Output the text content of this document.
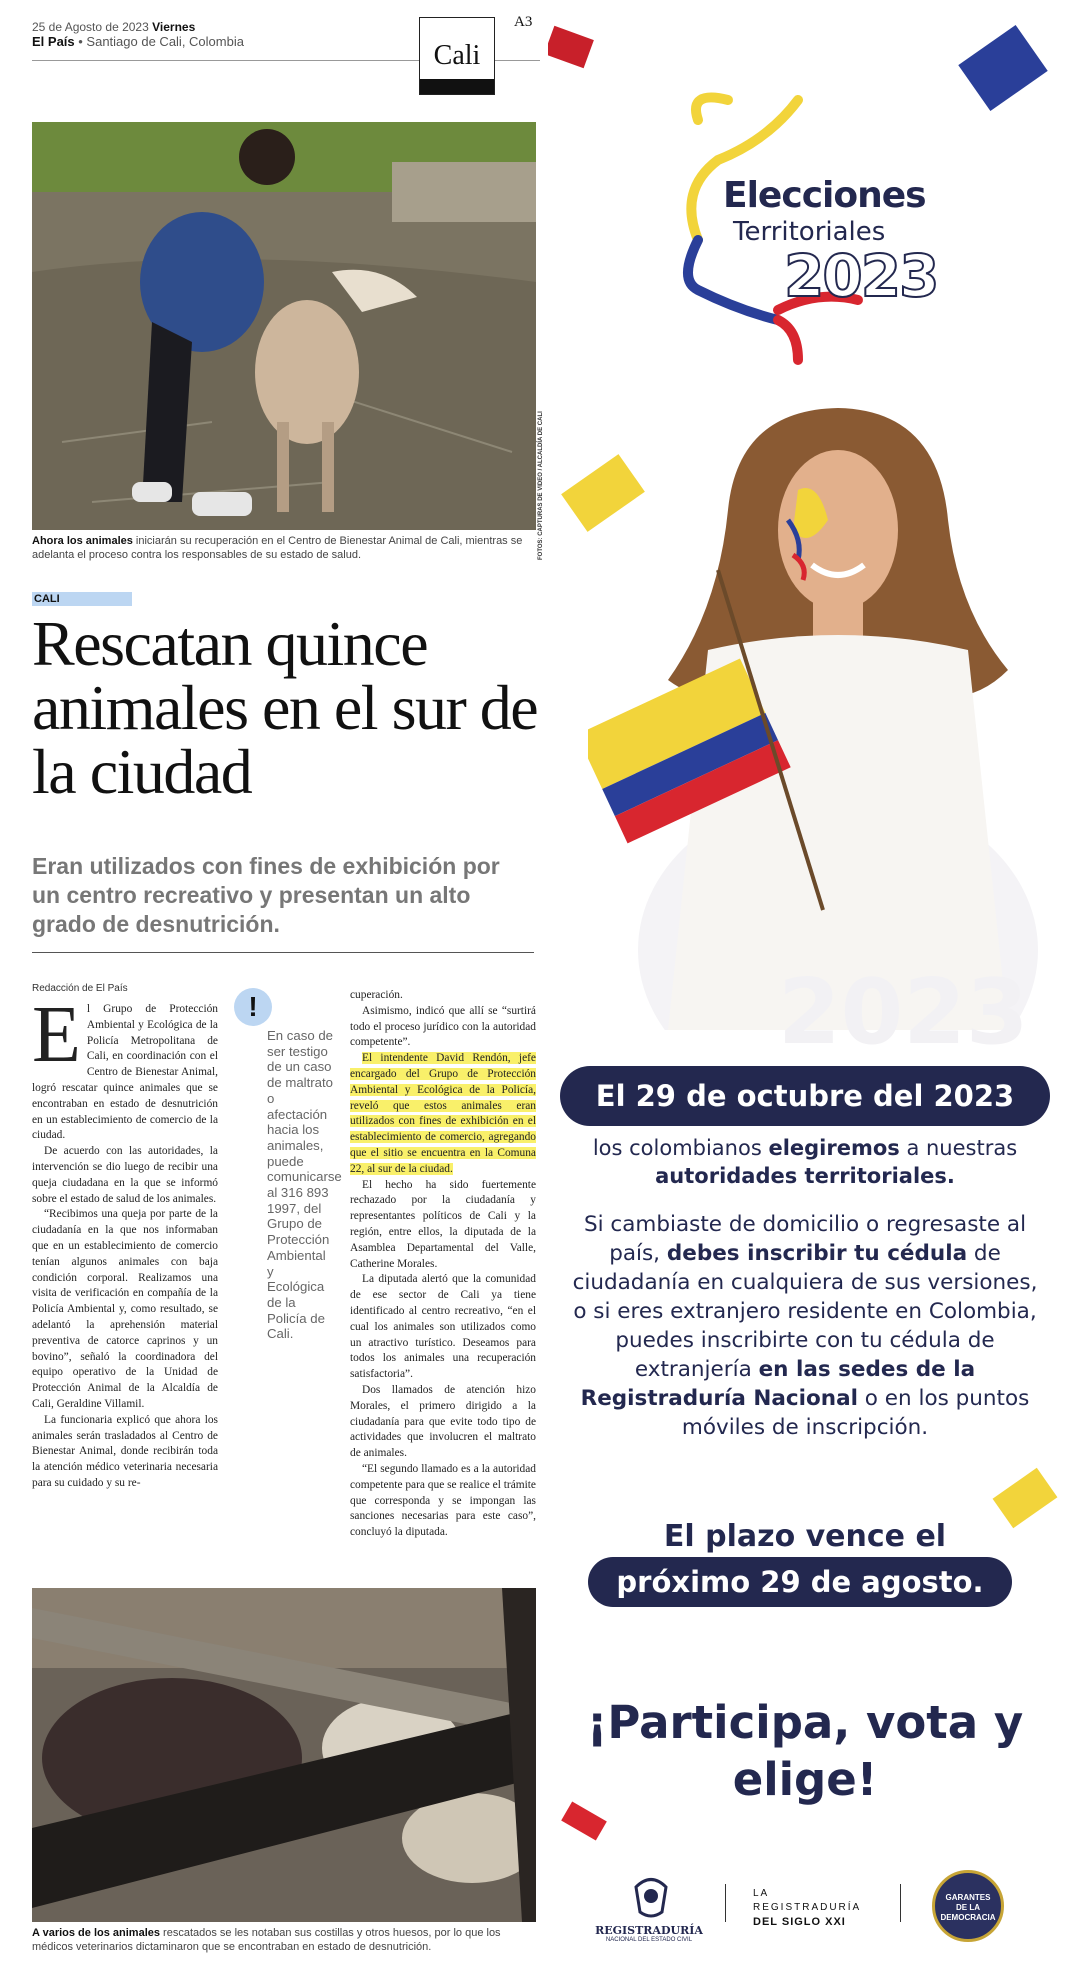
25 de Agosto de 2023 Viernes
El País • Santiago de Cali, Colombia	Cali
A3
FOTOS: CAPTURAS DE VIDEO / ALCALDÍA DE CALI
Ahora los animales iniciarán su recuperación en el Centro de Bienestar Animal de Cali, mientras se adelanta el proceso contra los responsables de su estado de salud.
CALI
Rescatan quince animales en el sur de la ciudad
Eran utilizados con fines de exhibición por un centro recreativo y presentan un alto grado de desnutrición.
Redacción de El País

El Grupo de Protección Ambiental y Ecológica de la Policía Metropolitana de Cali, en coordinación con el Centro de Bienestar Animal, logró rescatar quince animales que se encontraban en estado de desnutrición en un establecimiento de comercio de la ciudad.

De acuerdo con las autoridades, la intervención se dio luego de recibir una queja ciudadana en la que se informó sobre el estado de salud de los animales.

“Recibimos una queja por parte de la ciudadanía en la que nos informaban que en un establecimiento de comercio tenían algunos animales con baja condición corporal. Realizamos una visita de verificación en compañía de la Policía Ambiental y, como resultado, se adelantó la aprehensión material preventiva de catorce caprinos y un bovino”, señaló la coordinadora del equipo operativo de la Unidad de Protección Animal de la Alcaldía de Cali, Geraldine Villamil.

La funcionaria explicó que ahora los animales serán trasladados al Centro de Bienestar Animal, donde recibirán toda la atención médico veterinaria necesaria para su cuidado y su re-

!
En caso de ser testigo de un caso de maltrato o afectación hacia los animales, puede comunicarse al 316 893 1997, del Grupo de Protección Ambiental y Ecológica de la Policía de Cali.

cuperación.

Asimismo, indicó que allí se “surtirá todo el proceso jurídico con la autoridad competente”.

El intendente David Rendón, jefe encargado del Grupo de Protección Ambiental y Ecológica de la Policía, reveló que estos animales eran utilizados con fines de exhibición en el establecimiento de comercio, agregando que el sitio se encuentra en la Comuna 22, al sur de la ciudad.

El hecho ha sido fuertemente rechazado por la ciudadanía y representantes políticos de Cali y la región, entre ellos, la diputada de la Asamblea Departamental del Valle, Catherine Morales.

La diputada alertó que la comunidad de ese sector de Cali ya tiene identificado al centro recreativo, “en el cual los animales son utilizados como un atractivo turístico. Deseamos para todos los animales una recuperación satisfactoria”.

Dos llamados de atención hizo Morales, el primero dirigido a la ciudadanía para que evite todo tipo de actividades que involucren el maltrato de animales.

“El segundo llamado es a la autoridad competente para que se realice el trámite que corresponda y se impongan las sanciones necesarias para este caso”, concluyó la diputada.

A varios de los animales rescatados se les notaban sus costillas y otros huesos, por lo que los médicos veterinarios dictaminaron que se encontraban en estado de desnutrición.
Elecciones
Territoriales
2023
2023
El 29 de octubre del 2023
los colombianos elegiremos a nuestras autoridades territoriales.
Si cambiaste de domicilio o regresaste al país, debes inscribir tu cédula de ciudadanía en cualquiera de sus versiones, o si eres extranjero residente en Colombia, puedes inscribirte con tu cédula de extranjería en las sedes de la Registraduría Nacional o en los puntos móviles de inscripción.
El plazo vence el
próximo 29 de agosto.
¡Participa, vota y elige!
REGISTRADURÍA
NACIONAL DEL ESTADO CIVIL
LA REGISTRADURÍA
DEL SIGLO XXI
GARANTES
DE LA
DEMOCRACIA
